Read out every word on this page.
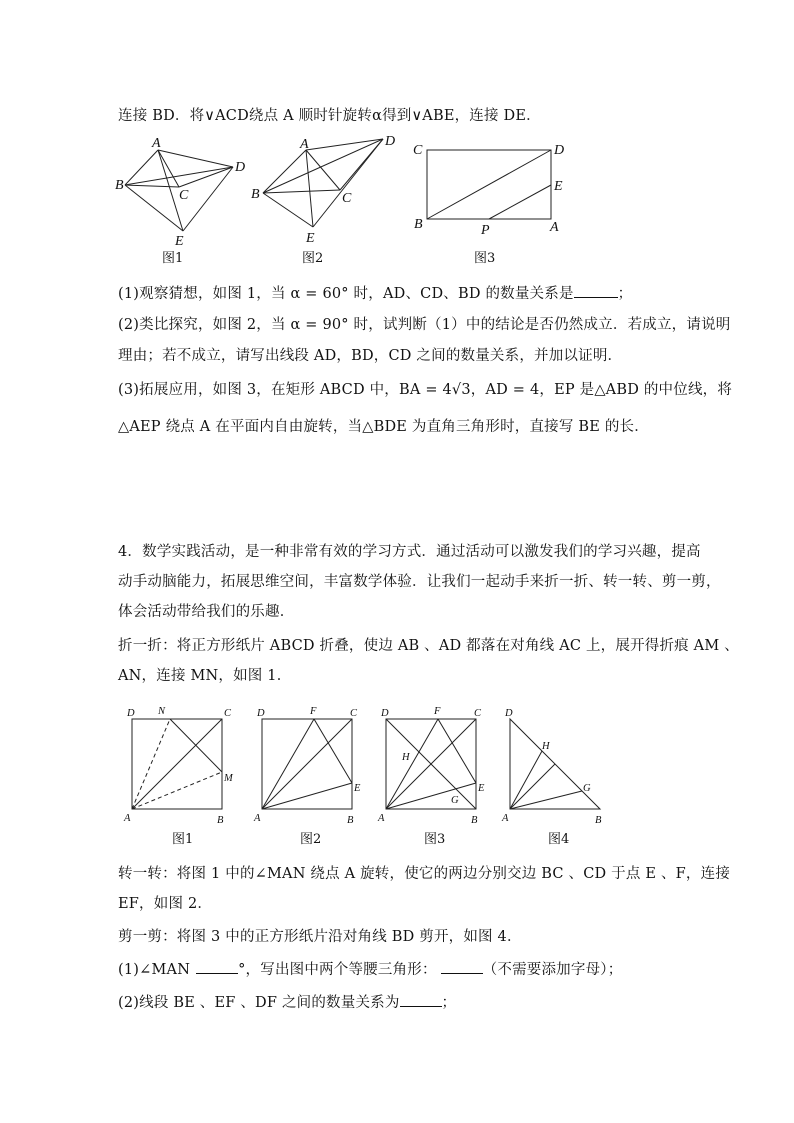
连接 BD．将∨ACD绕点 A 顺时针旋转α得到∨ABE，连接 DE．
A
B
C
D
E
图1
A
B	C
D
E
图2
C	D
E
B	P	A
图3
(1)观察猜想，如图 1，当 α = 60° 时，AD、CD、BD 的数量关系是	；
(2)类比探究，如图 2，当 α = 90° 时，试判断（1）中的结论是否仍然成立．若成立，请说明
理由；若不成立，请写出线段 AD，BD，CD 之间的数量关系，并加以证明．
(3)拓展应用，如图 3，在矩形 ABCD 中，BA = 4√3，AD = 4，EP 是△ABD 的中位线，将
△AEP 绕点 A 在平面内自由旋转，当△BDE 为直角三角形时，直接写 BE 的长．
4．数学实践活动，是一种非常有效的学习方式．通过活动可以激发我们的学习兴趣，提高
动手动脑能力，拓展思维空间，丰富数学体验．让我们一起动手来折一折、转一转、剪一剪，
体会活动带给我们的乐趣．
折一折：将正方形纸片 ABCD 折叠，使边 AB 、AD 都落在对角线 AC 上，展开得折痕 AM 、
AN，连接 MN，如图 1．
D N	C
M
A	B
图1
D	F	C
E
A	B
图2
D	F	C
H
E
G
A	B
图3
D
H
G
A	B
图4
转一转：将图 1 中的∠MAN 绕点 A 旋转，使它的两边分别交边 BC 、CD 于点 E 、F，连接
EF，如图 2．
剪一剪：将图 3 中的正方形纸片沿对角线 BD 剪开，如图 4．
(1)∠MAN	°，写出图中两个等腰三角形：	（不需要添加字母）；
(2)线段 BE 、EF 、DF 之间的数量关系为	；
